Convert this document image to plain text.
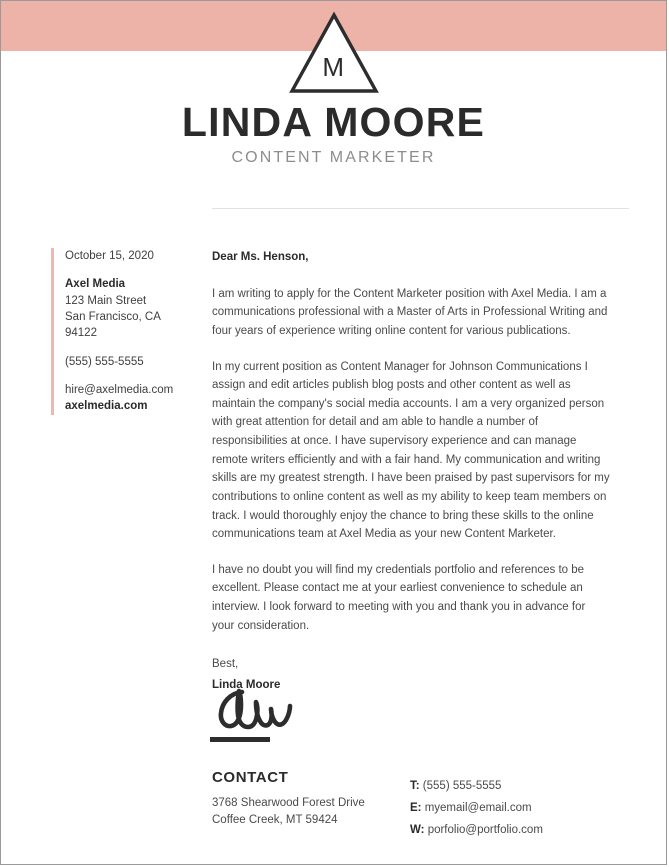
M
LINDA MOORE
CONTENT MARKETER
October 15, 2020
Axel Media
123 Main Street
San Francisco, CA
94122
(555) 555-5555
hire@axelmedia.com
axelmedia.com
Dear Ms. Henson,
I am writing to apply for the Content Marketer position with Axel Media. I am a communications professional with a Master of Arts in Professional Writing and four years of experience writing online content for various publications.
In my current position as Content Manager for Johnson Communications I assign and edit articles publish blog posts and other content as well as maintain the company's social media accounts. I am a very organized person with great attention for detail and am able to handle a number of responsibilities at once. I have supervisory experience and can manage remote writers efficiently and with a fair hand. My communication and writing skills are my greatest strength. I have been praised by past supervisors for my contributions to online content as well as my ability to keep team members on track. I would thoroughly enjoy the chance to bring these skills to the online communications team at Axel Media as your new Content Marketer.
I have no doubt you will find my credentials portfolio and references to be excellent. Please contact me at your earliest convenience to schedule an interview. I look forward to meeting with you and thank you in advance for your consideration.
Best,
Linda Moore
CONTACT
3768 Shearwood Forest Drive
Coffee Creek, MT 59424
T: (555) 555-5555
E: myemail@email.com
W: porfolio@portfolio.com
